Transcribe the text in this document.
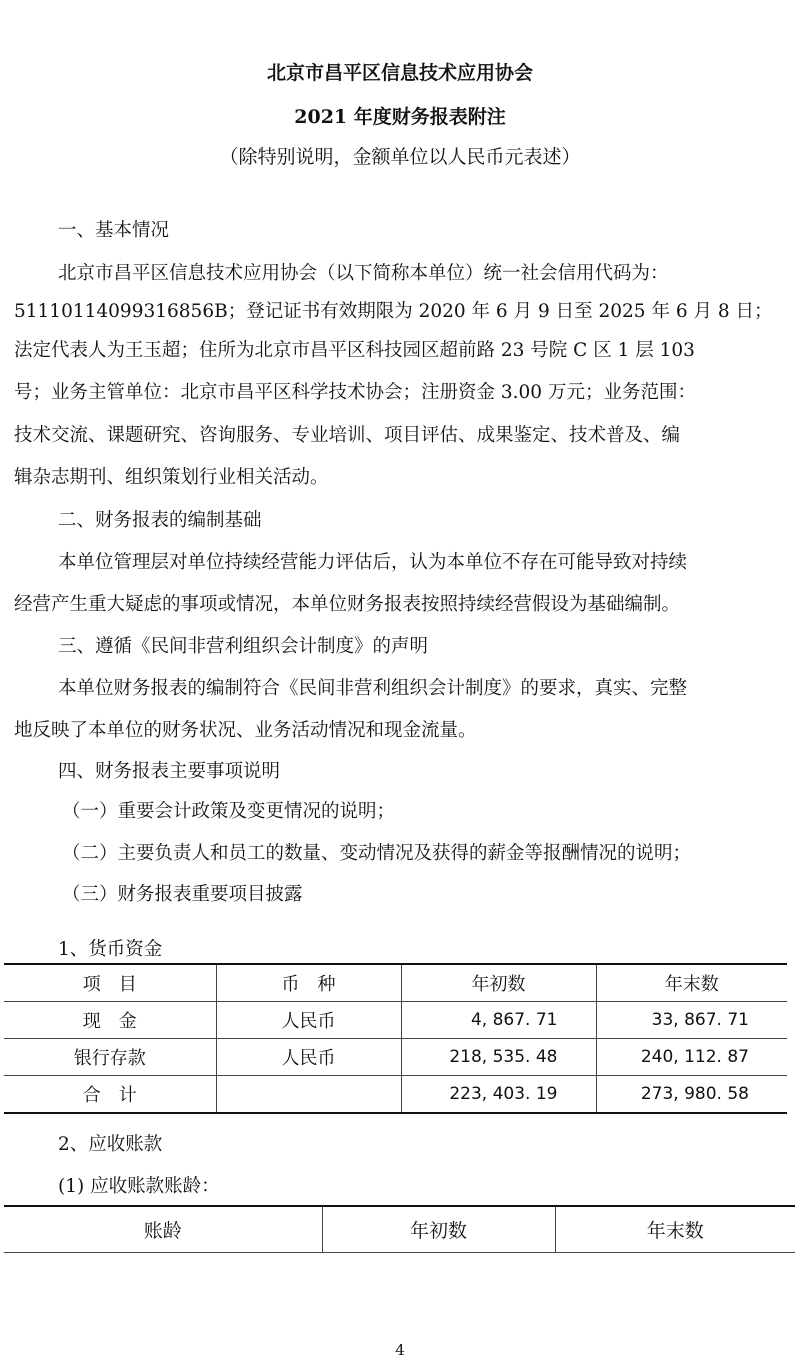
北京市昌平区信息技术应用协会
2021 年度财务报表附注
（除特别说明，金额单位以人民币元表述）
一、基本情况
北京市昌平区信息技术应用协会（以下简称本单位）统一社会信用代码为：
51110114099316856B；登记证书有效期限为 2020 年 6 月 9 日至 2025 年 6 月 8 日；
法定代表人为王玉超；住所为北京市昌平区科技园区超前路 23 号院 C 区 1 层 103
号；业务主管单位：北京市昌平区科学技术协会；注册资金 3.00 万元；业务范围：
技术交流、课题研究、咨询服务、专业培训、项目评估、成果鉴定、技术普及、编
辑杂志期刊、组织策划行业相关活动。
二、财务报表的编制基础
本单位管理层对单位持续经营能力评估后，认为本单位不存在可能导致对持续
经营产生重大疑虑的事项或情况，本单位财务报表按照持续经营假设为基础编制。
三、遵循《民间非营利组织会计制度》的声明
本单位财务报表的编制符合《民间非营利组织会计制度》的要求，真实、完整
地反映了本单位的财务状况、业务活动情况和现金流量。
四、财务报表主要事项说明
（一）重要会计政策及变更情况的说明；
（二）主要负责人和员工的数量、变动情况及获得的薪金等报酬情况的说明；
（三）财务报表重要项目披露
1、货币资金
项　目	币　种	年初数	年末数
现　金	人民币	4, 867. 71	33, 867. 71
银行存款	人民币	218, 535. 48	240, 112. 87
合　计		223, 403. 19	273, 980. 58
2、应收账款
(1) 应收账款账龄：
账龄	年初数	年末数
4
